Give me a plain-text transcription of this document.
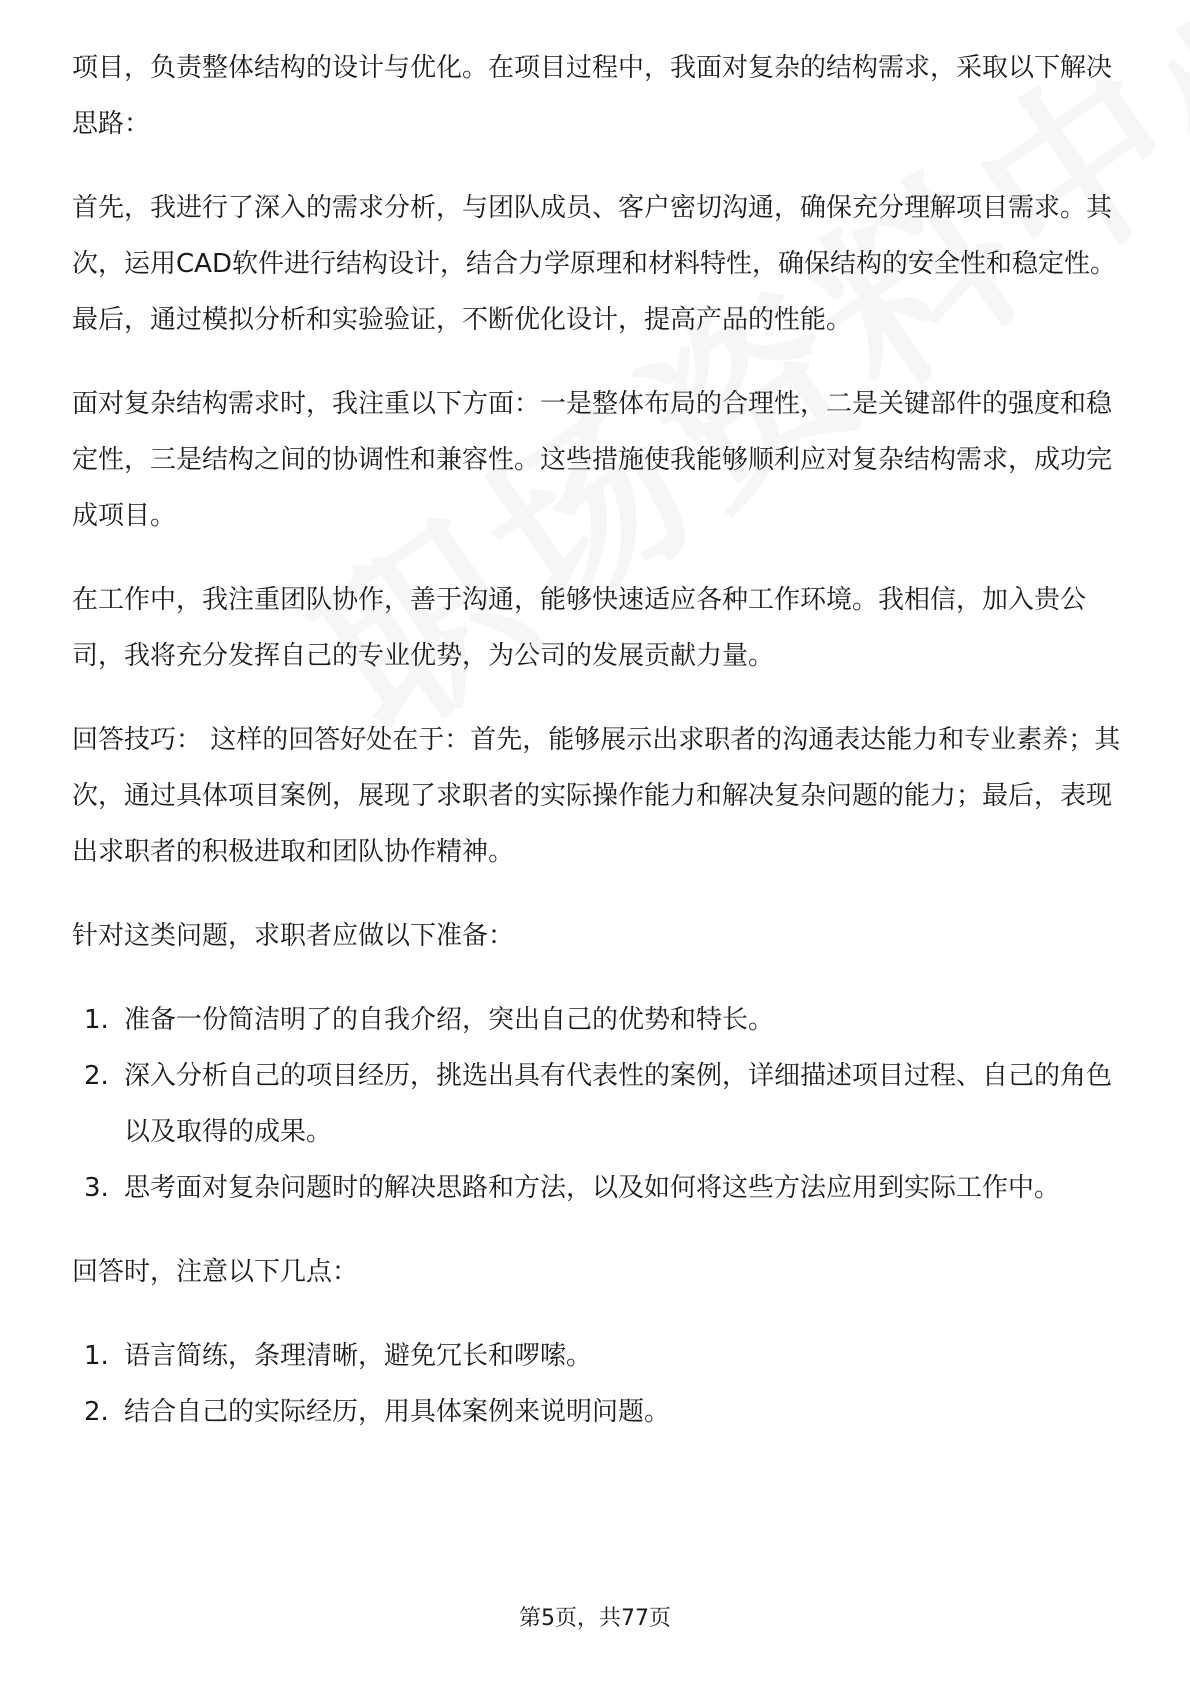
项目，负责整体结构的设计与优化。在项目过程中，我面对复杂的结构需求，采取以下解决思路：

首先，我进行了深入的需求分析，与团队成员、客户密切沟通，确保充分理解项目需求。其次，运用CAD软件进行结构设计，结合力学原理和材料特性，确保结构的安全性和稳定性。最后，通过模拟分析和实验验证，不断优化设计，提高产品的性能。

面对复杂结构需求时，我注重以下方面：一是整体布局的合理性，二是关键部件的强度和稳定性，三是结构之间的协调性和兼容性。这些措施使我能够顺利应对复杂结构需求，成功完成项目。

在工作中，我注重团队协作，善于沟通，能够快速适应各种工作环境。我相信，加入贵公司，我将充分发挥自己的专业优势，为公司的发展贡献力量。

回答技巧： 这样的回答好处在于：首先，能够展示出求职者的沟通表达能力和专业素养；其次，通过具体项目案例，展现了求职者的实际操作能力和解决复杂问题的能力；最后，表现出求职者的积极进取和团队协作精神。

针对这类问题，求职者应做以下准备：

1. 准备一份简洁明了的自我介绍，突出自己的优势和特长。
2. 深入分析自己的项目经历，挑选出具有代表性的案例，详细描述项目过程、自己的角色以及取得的成果。
3. 思考面对复杂问题时的解决思路和方法，以及如何将这些方法应用到实际工作中。

回答时，注意以下几点：

1. 语言简练，条理清晰，避免冗长和啰嗦。
2. 结合自己的实际经历，用具体案例来说明问题。
第5页，共77页
